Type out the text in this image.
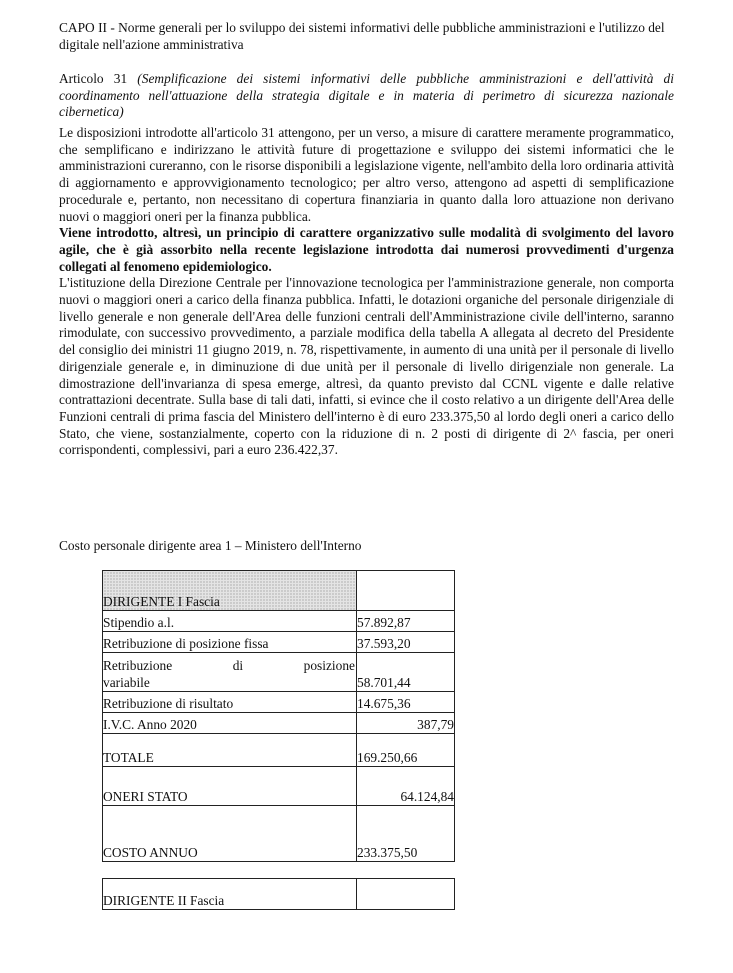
CAPO II - Norme generali per lo sviluppo dei sistemi informativi delle pubbliche amministrazioni e l'utilizzo del digitale nell'azione amministrativa

Articolo 31 (Semplificazione dei sistemi informativi delle pubbliche amministrazioni e dell'attività di coordinamento nell'attuazione della strategia digitale e in materia di perimetro di sicurezza nazionale cibernetica)

Le disposizioni introdotte all'articolo 31 attengono, per un verso, a misure di carattere meramente programmatico, che semplificano e indirizzano le attività future di progettazione e sviluppo dei sistemi informatici che le amministrazioni cureranno, con le risorse disponibili a legislazione vigente, nell'ambito della loro ordinaria attività di aggiornamento e approvvigionamento tecnologico; per altro verso, attengono ad aspetti di semplificazione procedurale e, pertanto, non necessitano di copertura finanziaria in quanto dalla loro attuazione non derivano nuovi o maggiori oneri per la finanza pubblica.

Viene introdotto, altresì, un principio di carattere organizzativo sulle modalità di svolgimento del lavoro agile, che è già assorbito nella recente legislazione introdotta dai numerosi provvedimenti d'urgenza collegati al fenomeno epidemiologico.

L'istituzione della Direzione Centrale per l'innovazione tecnologica per l'amministrazione generale, non comporta nuovi o maggiori oneri a carico della finanza pubblica. Infatti, le dotazioni organiche del personale dirigenziale di livello generale e non generale dell'Area delle funzioni centrali dell'Amministrazione civile dell'interno, saranno rimodulate, con successivo provvedimento, a parziale modifica della tabella A allegata al decreto del Presidente del consiglio dei ministri 11 giugno 2019, n. 78, rispettivamente, in aumento di una unità per il personale di livello dirigenziale generale e, in diminuzione di due unità per il personale di livello dirigenziale non generale. La dimostrazione dell'invarianza di spesa emerge, altresì, da quanto previsto dal CCNL vigente e dalle relative contrattazioni decentrate. Sulla base di tali dati, infatti, si evince che il costo relativo a un dirigente dell'Area delle Funzioni centrali di prima fascia del Ministero dell'interno è di euro 233.375,50 al lordo degli oneri a carico dello Stato, che viene, sostanzialmente, coperto con la riduzione di n. 2 posti di dirigente di 2^ fascia, per oneri corrispondenti, complessivi, pari a euro 236.422,37.

Costo personale dirigente area 1 – Ministero dell'Interno

DIRIGENTE I Fascia	
Stipendio a.l.	57.892,87
Retribuzione di posizione fissa	37.593,20

Retribuzione di posizione
variabile	58.701,44
Retribuzione di risultato	14.675,36
I.V.C. Anno 2020	387,79
TOTALE	169.250,66
ONERI STATO	64.124,84
COSTO ANNUO	233.375,50
DIRIGENTE II Fascia	
